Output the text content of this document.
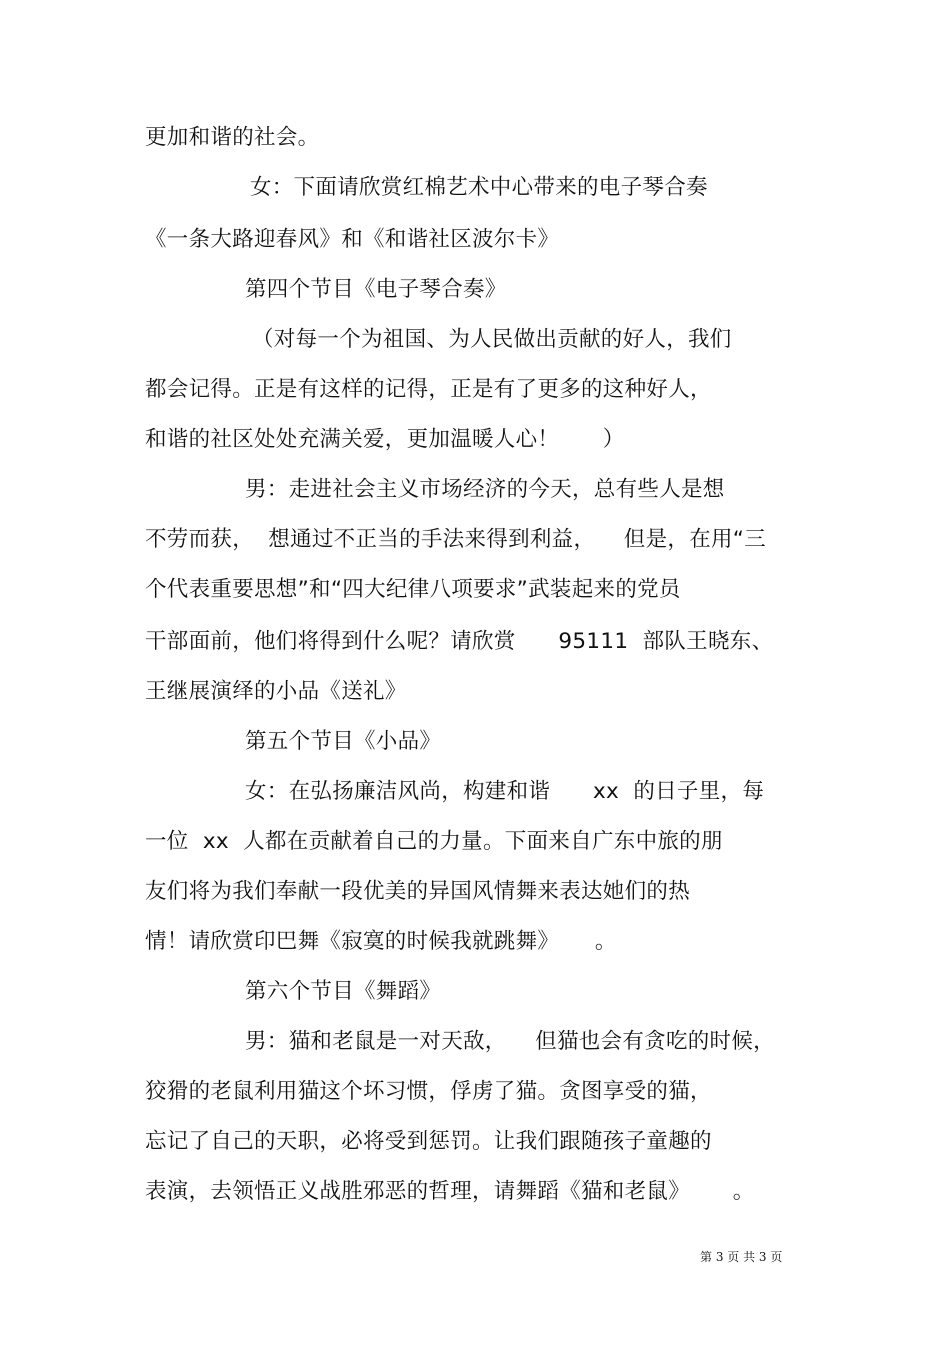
更加和谐的社会。
女：下面请欣赏红棉艺术中心带来的电子琴合奏
《一条大路迎春风》和《和谐社区波尔卡》
第四个节目《电子琴合奏》
（对每一个为祖国、为人民做出贡献的好人，我们
都会记得。正是有这样的记得，正是有了更多的这种好人，
和谐的社区处处充满关爱，更加温暖人心！　　）
男：走进社会主义市场经济的今天，总有些人是想
不劳而获，  想通过不正当的手法来得到利益，    但是，在用“三
个代表重要思想”和“四大纪律八项要求”武装起来的党员
干部面前，他们将得到什么呢？请欣赏      95111  部队王晓东、
王继展演绎的小品《送礼》
第五个节目《小品》
女：在弘扬廉洁风尚，构建和谐      xx  的日子里，每
一位  xx  人都在贡献着自己的力量。下面来自广东中旅的朋
友们将为我们奉献一段优美的异国风情舞来表达她们的热
情！请欣赏印巴舞《寂寞的时候我就跳舞》     。
第六个节目《舞蹈》
男：猫和老鼠是一对天敌，    但猫也会有贪吃的时候，
狡猾的老鼠利用猫这个坏习惯，俘虏了猫。贪图享受的猫，
忘记了自己的天职，必将受到惩罚。让我们跟随孩子童趣的
表演，去领悟正义战胜邪恶的哲理，请舞蹈《猫和老鼠》      。
第 3 页 共 3 页
